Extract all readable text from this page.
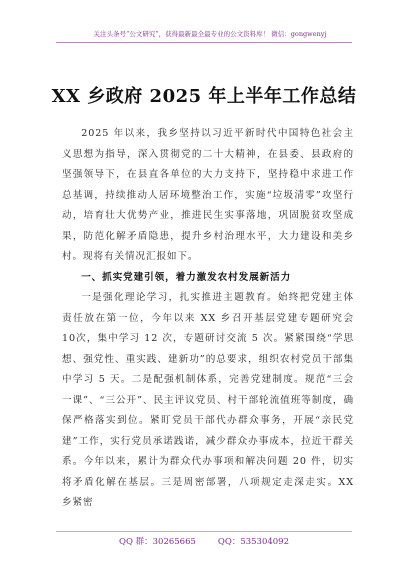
关注头条号“公文研究”，获得最新最全最专业的公文资料库！ 微信：gongwenyj
XX 乡政府 2025 年上半年工作总结

2025 年以来，我乡坚持以习近平新时代中国特色社会主义思想为指导，深入贯彻党的二十大精神，在县委、县政府的坚强领导下，在县直各单位的大力支持下，坚持稳中求进工作总基调，持续推动人居环境整治工作，实施“垃圾清零”攻坚行动，培育壮大优势产业，推进民生实事落地，巩固脱贫攻坚成果，防范化解矛盾隐患，提升乡村治理水平，大力建设和美乡村。现将有关情况汇报如下。

一、抓实党建引领，着力激发农村发展新活力

一是强化理论学习，扎实推进主题教育。始终把党建主体责任放在第一位，今年以来 XX 乡召开基层党建专题研究会 10次，集中学习 12 次，专题研讨交流 5 次。紧紧围绕“学思想、强党性、重实践、建新功”的总要求，组织农村党员干部集中学习 5 天。二是配强机制体系，完善党建制度。规范“三会一课”、“三公开”、民主评议党员、村干部轮流值班等制度，确保严格落实到位。紧盯党员干部代办群众事务，开展“亲民党建”工作，实行党员承诺践诺，减少群众办事成本，拉近干群关系。今年以来，累计为群众代办事项和解决问题 20 件，切实将矛盾化解在基层。三是周密部署，八项规定走深走实。XX 乡紧密

QQ 群：30265665	QQ：535304092
